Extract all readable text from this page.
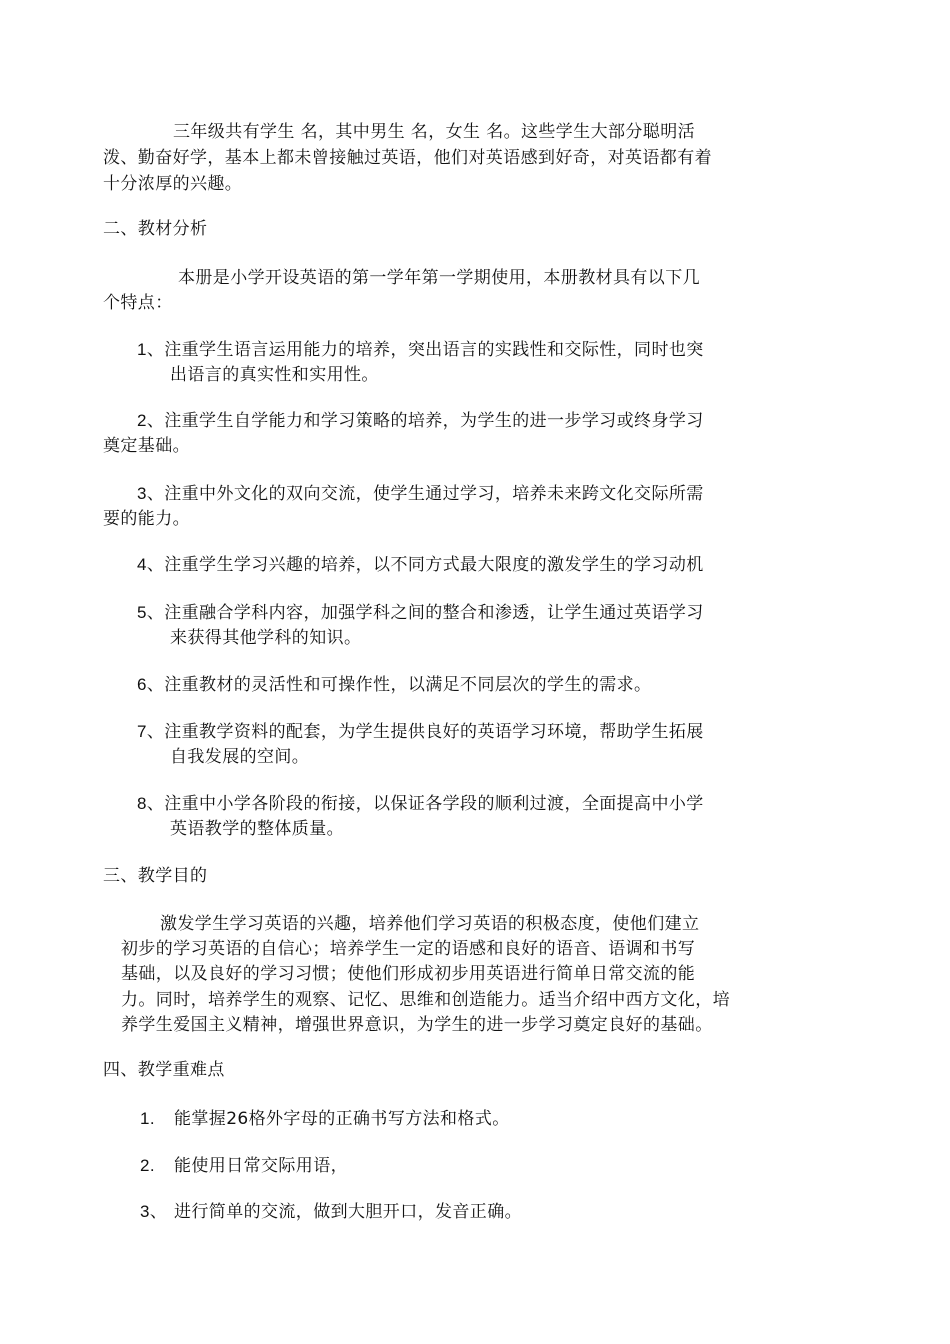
三年级共有学生 名，其中男生 名，女生 名。这些学生大部分聪明活
泼、勤奋好学，基本上都未曾接触过英语，他们对英语感到好奇，对英语都有着
十分浓厚的兴趣。
二、教材分析
本册是小学开设英语的第一学年第一学期使用，本册教材具有以下几
个特点：
1、注重学生语言运用能力的培养，突出语言的实践性和交际性，同时也突
出语言的真实性和实用性。
2、注重学生自学能力和学习策略的培养，为学生的进一步学习或终身学习
奠定基础。
3、注重中外文化的双向交流，使学生通过学习，培养未来跨文化交际所需
要的能力。
4、注重学生学习兴趣的培养，以不同方式最大限度的激发学生的学习动机
5、注重融合学科内容，加强学科之间的整合和渗透，让学生通过英语学习
来获得其他学科的知识。
6、注重教材的灵活性和可操作性，以满足不同层次的学生的需求。
7、注重教学资料的配套，为学生提供良好的英语学习环境，帮助学生拓展
自我发展的空间。
8、注重中小学各阶段的衔接，以保证各学段的顺利过渡，全面提高中小学
英语教学的整体质量。
三、教学目的
激发学生学习英语的兴趣，培养他们学习英语的积极态度，使他们建立
初步的学习英语的自信心；培养学生一定的语感和良好的语音、语调和书写
基础，以及良好的学习习惯；使他们形成初步用英语进行简单日常交流的能
力。同时，培养学生的观察、记忆、思维和创造能力。适当介绍中西方文化，培
养学生爱国主义精神，增强世界意识，为学生的进一步学习奠定良好的基础。
四、教学重难点
1. 能掌握26格外字母的正确书写方法和格式。
2. 能使用日常交际用语，
3、 进行简单的交流，做到大胆开口，发音正确。
